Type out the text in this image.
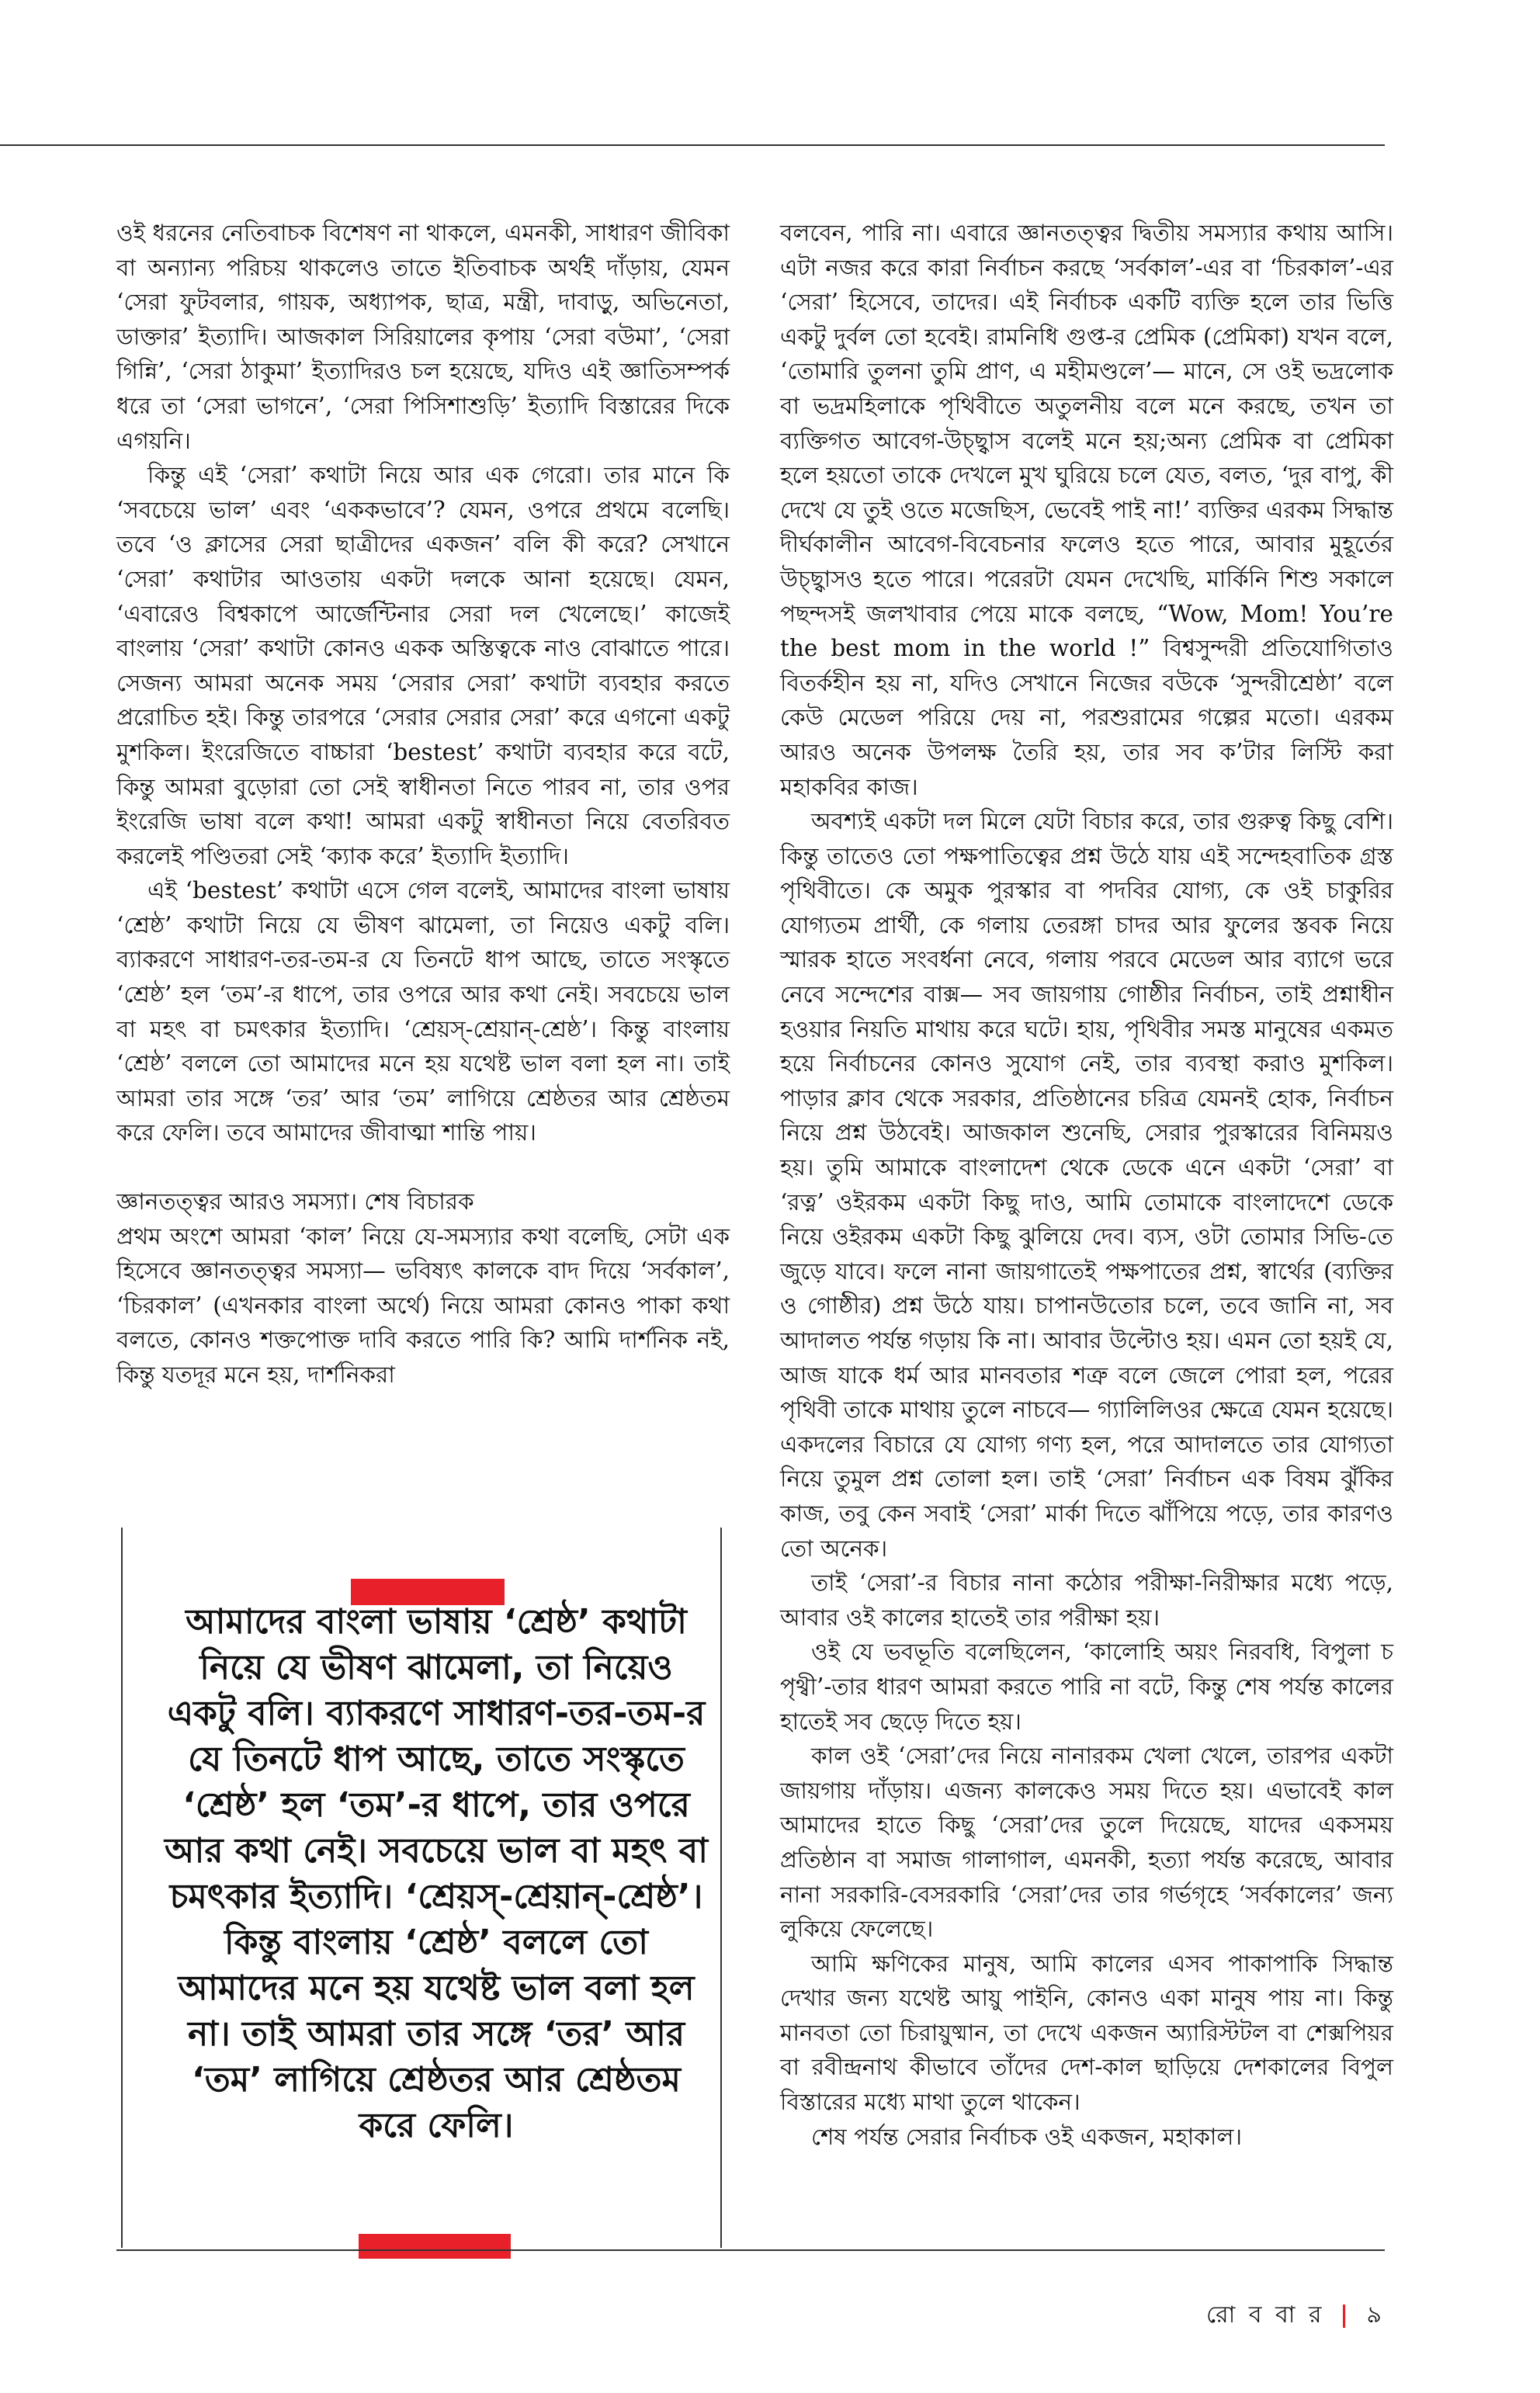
ওই ধরনের নেতিবাচক বিশেষণ না থাকলে, এমনকী, সাধারণ জীবিকা বা অন্যান্য পরিচয় থাকলেও তাতে ইতিবাচক অর্থই দাঁড়ায়, যেমন ‘সেরা ফুটবলার, গায়ক, অধ্যাপক, ছাত্র, মন্ত্রী, দাবাড়ু, অভিনেতা, ডাক্তার’ ইত্যাদি। আজকাল সিরিয়ালের কৃপায় ‘সেরা বউমা’, ‘সেরা গিন্নি’, ‘সেরা ঠাকুমা’ ইত্যাদিরও চল হয়েছে, যদিও এই জ্ঞাতিসম্পর্ক ধরে তা ‘সেরা ভাগনে’, ‘সেরা পিসিশাশুড়ি’ ইত্যাদি বিস্তারের দিকে এগয়নি।

কিন্তু এই ‘সেরা’ কথাটা নিয়ে আর এক গেরো। তার মানে কি ‘সবচেয়ে ভাল’ এবং ‘এককভাবে’? যেমন, ওপরে প্রথমে বলেছি। তবে ‘ও ক্লাসের সেরা ছাত্রীদের একজন’ বলি কী করে? সেখানে ‘সেরা’ কথাটার আওতায় একটা দলকে আনা হয়েছে। যেমন, ‘এবারেও বিশ্বকাপে আর্জেন্টিনার সেরা দল খেলেছে।’ কাজেই বাংলায় ‘সেরা’ কথাটা কোনও একক অস্তিত্বকে নাও বোঝাতে পারে। সেজন্য আমরা অনেক সময় ‘সেরার সেরা’ কথাটা ব্যবহার করতে প্ররোচিত হই। কিন্তু তারপরে ‘সেরার সেরার সেরা’ করে এগনো একটু মুশকিল। ইংরেজিতে বাচ্চারা ‘bestest’ কথাটা ব্যবহার করে বটে, কিন্তু আমরা বুড়োরা তো সেই স্বাধীনতা নিতে পারব না, তার ওপর ইংরেজি ভাষা বলে কথা! আমরা একটু স্বাধীনতা নিয়ে বেতরিবত করলেই পণ্ডিতরা সেই ‘ক্যাক করে’ ইত্যাদি ইত্যাদি।

এই ‘bestest’ কথাটা এসে গেল বলেই, আমাদের বাংলা ভাষায় ‘শ্রেষ্ঠ’ কথাটা নিয়ে যে ভীষণ ঝামেলা, তা নিয়েও একটু বলি। ব্যাকরণে সাধারণ-তর-তম-র যে তিনটে ধাপ আছে, তাতে সংস্কৃতে ‘শ্রেষ্ঠ’ হল ‘তম’-র ধাপে, তার ওপরে আর কথা নেই। সবচেয়ে ভাল বা মহৎ বা চমৎকার ইত্যাদি। ‘শ্রেয়স্-শ্রেয়ান্-শ্রেষ্ঠ’। কিন্তু বাংলায় ‘শ্রেষ্ঠ’ বললে তো আমাদের মনে হয় যথেষ্ট ভাল বলা হল না। তাই আমরা তার সঙ্গে ‘তর’ আর ‘তম’ লাগিয়ে শ্রেষ্ঠতর আর শ্রেষ্ঠতম করে ফেলি। তবে আমাদের জীবাত্মা শান্তি পায়।

জ্ঞানতত্ত্বর আরও সমস্যা। শেষ বিচারক

প্রথম অংশে আমরা ‘কাল’ নিয়ে যে-সমস্যার কথা বলেছি, সেটা এক হিসেবে জ্ঞানতত্ত্বর সমস্যা— ভবিষ্যৎ কালকে বাদ দিয়ে ‘সর্বকাল’, ‘চিরকাল’ (এখনকার বাংলা অর্থে) নিয়ে আমরা কোনও পাকা কথা বলতে, কোনও শক্তপোক্ত দাবি করতে পারি কি? আমি দার্শনিক নই, কিন্তু যতদূর মনে হয়, দার্শনিকরা

আমাদের বাংলা ভাষায় ‘শ্রেষ্ঠ’ কথাটা নিয়ে যে ভীষণ ঝামেলা, তা নিয়েও একটু বলি। ব্যাকরণে সাধারণ-তর-তম-র যে তিনটে ধাপ আছে, তাতে সংস্কৃতে ‘শ্রেষ্ঠ’ হল ‘তম’-র ধাপে, তার ওপরে আর কথা নেই। সবচেয়ে ভাল বা মহৎ বা চমৎকার ইত্যাদি। ‘শ্রেয়স্-শ্রেয়ান্-শ্রেষ্ঠ’। কিন্তু বাংলায় ‘শ্রেষ্ঠ’ বললে তো আমাদের মনে হয় যথেষ্ট ভাল বলা হল না। তাই আমরা তার সঙ্গে ‘তর’ আর ‘তম’ লাগিয়ে শ্রেষ্ঠতর আর শ্রেষ্ঠতম করে ফেলি।

বলবেন, পারি না। এবারে জ্ঞানতত্ত্বর দ্বিতীয় সমস্যার কথায় আসি। এটা নজর করে কারা নির্বাচন করছে ‘সর্বকাল’-এর বা ‘চিরকাল’-এর ‘সেরা’ হিসেবে, তাদের। এই নির্বাচক একটি ব্যক্তি হলে তার ভিত্তি একটু দুর্বল তো হবেই। রামনিধি গুপ্ত-র প্রেমিক (প্রেমিকা) যখন বলে, ‘তোমারি তুলনা তুমি প্রাণ, এ মহীমণ্ডলে’— মানে, সে ওই ভদ্রলোক বা ভদ্রমহিলাকে পৃথিবীতে অতুলনীয় বলে মনে করছে, তখন তা ব্যক্তিগত আবেগ-উচ্ছ্বাস বলেই মনে হয়;অন্য প্রেমিক বা প্রেমিকা হলে হয়তো তাকে দেখলে মুখ ঘুরিয়ে চলে যেত, বলত, ‘দুর বাপু, কী দেখে যে তুই ওতে মজেছিস, ভেবেই পাই না!’ ব্যক্তির এরকম সিদ্ধান্ত দীর্ঘকালীন আবেগ-বিবেচনার ফলেও হতে পারে, আবার মুহূর্তের উচ্ছ্বাসও হতে পারে। পরেরটা যেমন দেখেছি, মার্কিনি শিশু সকালে পছন্দসই জলখাবার পেয়ে মাকে বলছে, “Wow, Mom! You’re the best mom in the world !” বিশ্বসুন্দরী প্রতিযোগিতাও বিতর্কহীন হয় না, যদিও সেখানে নিজের বউকে ‘সুন্দরীশ্রেষ্ঠা’ বলে কেউ মেডেল পরিয়ে দেয় না, পরশুরামের গল্পের মতো। এরকম আরও অনেক উপলক্ষ তৈরি হয়, তার সব ক’টার লিস্টি করা মহাকবির কাজ।

অবশ্যই একটা দল মিলে যেটা বিচার করে, তার গুরুত্ব কিছু বেশি। কিন্তু তাতেও তো পক্ষপাতিত্বের প্রশ্ন উঠে যায় এই সন্দেহবাতিক গ্রস্ত পৃথিবীতে। কে অমুক পুরস্কার বা পদবির যোগ্য, কে ওই চাকুরির যোগ্যতম প্রার্থী, কে গলায় তেরঙ্গা চাদর আর ফুলের স্তবক নিয়ে স্মারক হাতে সংবর্ধনা নেবে, গলায় পরবে মেডেল আর ব্যাগে ভরে নেবে সন্দেশের বাক্স— সব জায়গায় গোষ্ঠীর নির্বাচন, তাই প্রশ্নাধীন হওয়ার নিয়তি মাথায় করে ঘটে। হায়, পৃথিবীর সমস্ত মানুষের একমত হয়ে নির্বাচনের কোনও সুযোগ নেই, তার ব্যবস্থা করাও মুশকিল। পাড়ার ক্লাব থেকে সরকার, প্রতিষ্ঠানের চরিত্র যেমনই হোক, নির্বাচন নিয়ে প্রশ্ন উঠবেই। আজকাল শুনেছি, সেরার পুরস্কারের বিনিময়ও হয়। তুমি আমাকে বাংলাদেশ থেকে ডেকে এনে একটা ‘সেরা’ বা ‘রত্ন’ ওইরকম একটা কিছু দাও, আমি তোমাকে বাংলাদেশে ডেকে নিয়ে ওইরকম একটা কিছু ঝুলিয়ে দেব। ব্যস, ওটা তোমার সিভি-তে জুড়ে যাবে। ফলে নানা জায়গাতেই পক্ষপাতের প্রশ্ন, স্বার্থের (ব্যক্তির ও গোষ্ঠীর) প্রশ্ন উঠে যায়। চাপানউতোর চলে, তবে জানি না, সব আদালত পর্যন্ত গড়ায় কি না। আবার উল্টোও হয়। এমন তো হয়ই যে, আজ যাকে ধর্ম আর মানবতার শত্রু বলে জেলে পোরা হল, পরের পৃথিবী তাকে মাথায় তুলে নাচবে— গ্যালিলিওর ক্ষেত্রে যেমন হয়েছে। একদলের বিচারে যে যোগ্য গণ্য হল, পরে আদালতে তার যোগ্যতা নিয়ে তুমুল প্রশ্ন তোলা হল। তাই ‘সেরা’ নির্বাচন এক বিষম ঝুঁকির কাজ, তবু কেন সবাই ‘সেরা’ মার্কা দিতে ঝাঁপিয়ে পড়ে, তার কারণও তো অনেক।

তাই ‘সেরা’-র বিচার নানা কঠোর পরীক্ষা-নিরীক্ষার মধ্যে পড়ে, আবার ওই কালের হাতেই তার পরীক্ষা হয়।

ওই যে ভবভূতি বলেছিলেন, ‘কালোহি অয়ং নিরবধি, বিপুলা চ পৃথ্বী’-তার ধারণ আমরা করতে পারি না বটে, কিন্তু শেষ পর্যন্ত কালের হাতেই সব ছেড়ে দিতে হয়।

কাল ওই ‘সেরা’দের নিয়ে নানারকম খেলা খেলে, তারপর একটা জায়গায় দাঁড়ায়। এজন্য কালকেও সময় দিতে হয়। এভাবেই কাল আমাদের হাতে কিছু ‘সেরা’দের তুলে দিয়েছে, যাদের একসময় প্রতিষ্ঠান বা সমাজ গালাগাল, এমনকী, হত্যা পর্যন্ত করেছে, আবার নানা সরকারি-বেসরকারি ‘সেরা’দের তার গর্ভগৃহে ‘সর্বকালের’ জন্য লুকিয়ে ফেলেছে।

আমি ক্ষণিকের মানুষ, আমি কালের এসব পাকাপাকি সিদ্ধান্ত দেখার জন্য যথেষ্ট আয়ু পাইনি, কোনও একা মানুষ পায় না। কিন্তু মানবতা তো চিরায়ুষ্মান, তা দেখে একজন অ্যারিস্টটল বা শেক্সপিয়র বা রবীন্দ্রনাথ কীভাবে তাঁদের দেশ-কাল ছাড়িয়ে দেশকালের বিপুল বিস্তারের মধ্যে মাথা তুলে থাকেন।

শেষ পর্যন্ত সেরার নির্বাচক ওই একজন, মহাকাল।

রো ব বা র | ৯
